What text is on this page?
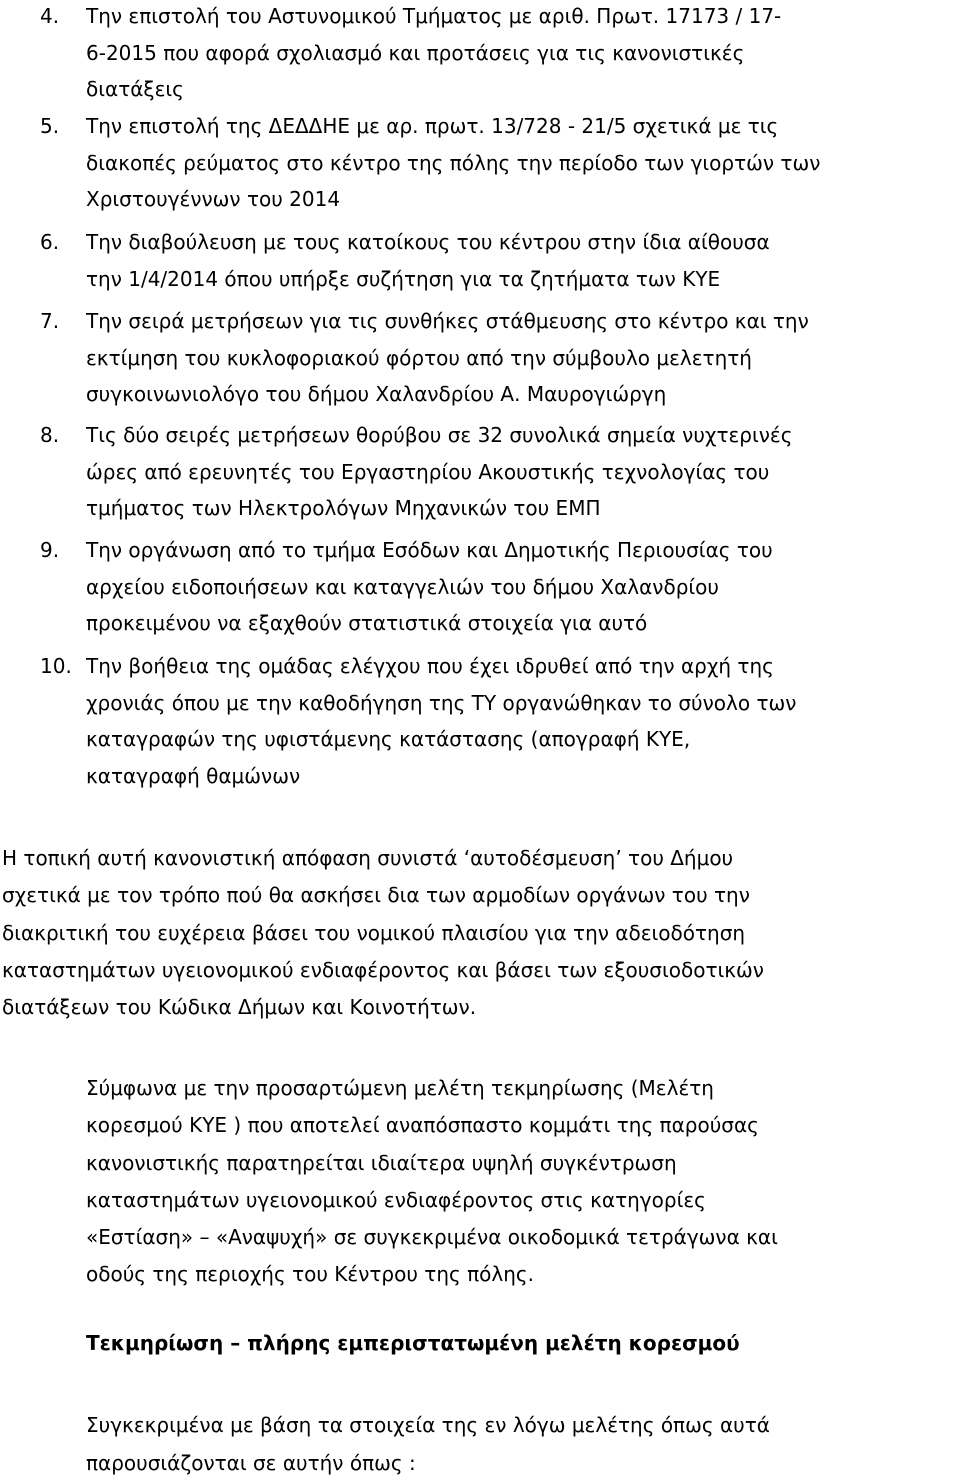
4. Την επιστολή του Αστυνομικού Τμήματος με αριθ. Πρωτ. 17173 / 17-
6-2015 που αφορά σχολιασμό και προτάσεις για τις κανονιστικές
διατάξεις
5. Την επιστολή της ΔΕΔΔΗΕ με αρ. πρωτ. 13/728 - 21/5 σχετικά με τις
διακοπές ρεύματος στο κέντρο της πόλης την περίοδο των γιορτών των
Χριστουγέννων του 2014
6. Την διαβούλευση με τους κατοίκους του κέντρου στην ίδια αίθουσα
την 1/4/2014 όπου υπήρξε συζήτηση για τα ζητήματα των ΚΥΕ
7. Την σειρά μετρήσεων για τις συνθήκες στάθμευσης στο κέντρο και την
εκτίμηση του κυκλοφοριακού φόρτου από την σύμβουλο μελετητή
συγκοινωνιολόγο του δήμου Χαλανδρίου Α. Μαυρογιώργη
8. Τις δύο σειρές μετρήσεων θορύβου σε 32 συνολικά σημεία νυχτερινές
ώρες από ερευνητές του Εργαστηρίου Ακουστικής τεχνολογίας του
τμήματος των Ηλεκτρολόγων Μηχανικών του ΕΜΠ
9. Την οργάνωση από το τμήμα Εσόδων και Δημοτικής Περιουσίας του
αρχείου ειδοποιήσεων και καταγγελιών του δήμου Χαλανδρίου
προκειμένου να εξαχθούν στατιστικά στοιχεία για αυτό
10. Την βοήθεια της ομάδας ελέγχου που έχει ιδρυθεί από την αρχή της
χρονιάς όπου με την καθοδήγηση της ΤΥ οργανώθηκαν το σύνολο των
καταγραφών της υφιστάμενης κατάστασης (απογραφή ΚΥΕ,
καταγραφή θαμώνων
Η τοπική αυτή κανονιστική απόφαση συνιστά ‘αυτοδέσμευση’ του Δήμου
σχετικά με τον τρόπο πού θα ασκήσει δια των αρμοδίων οργάνων του την
διακριτική του ευχέρεια βάσει του νομικού πλαισίου για την αδειοδότηση
καταστημάτων υγειονομικού ενδιαφέροντος και βάσει των εξουσιοδοτικών
διατάξεων του Κώδικα Δήμων και Κοινοτήτων.
Σύμφωνα με την προσαρτώμενη μελέτη τεκμηρίωσης (Μελέτη
κορεσμού ΚΥΕ ) που αποτελεί αναπόσπαστο κομμάτι της παρούσας
κανονιστικής παρατηρείται ιδιαίτερα υψηλή συγκέντρωση
καταστημάτων υγειονομικού ενδιαφέροντος στις κατηγορίες
«Εστίαση» – «Αναψυχή» σε συγκεκριμένα οικοδομικά τετράγωνα και
οδούς της περιοχής του Κέντρου της πόλης.
Τεκμηρίωση – πλήρης εμπεριστατωμένη μελέτη κορεσμού
Συγκεκριμένα με βάση τα στοιχεία της εν λόγω μελέτης όπως αυτά
παρουσιάζονται σε αυτήν όπως :
